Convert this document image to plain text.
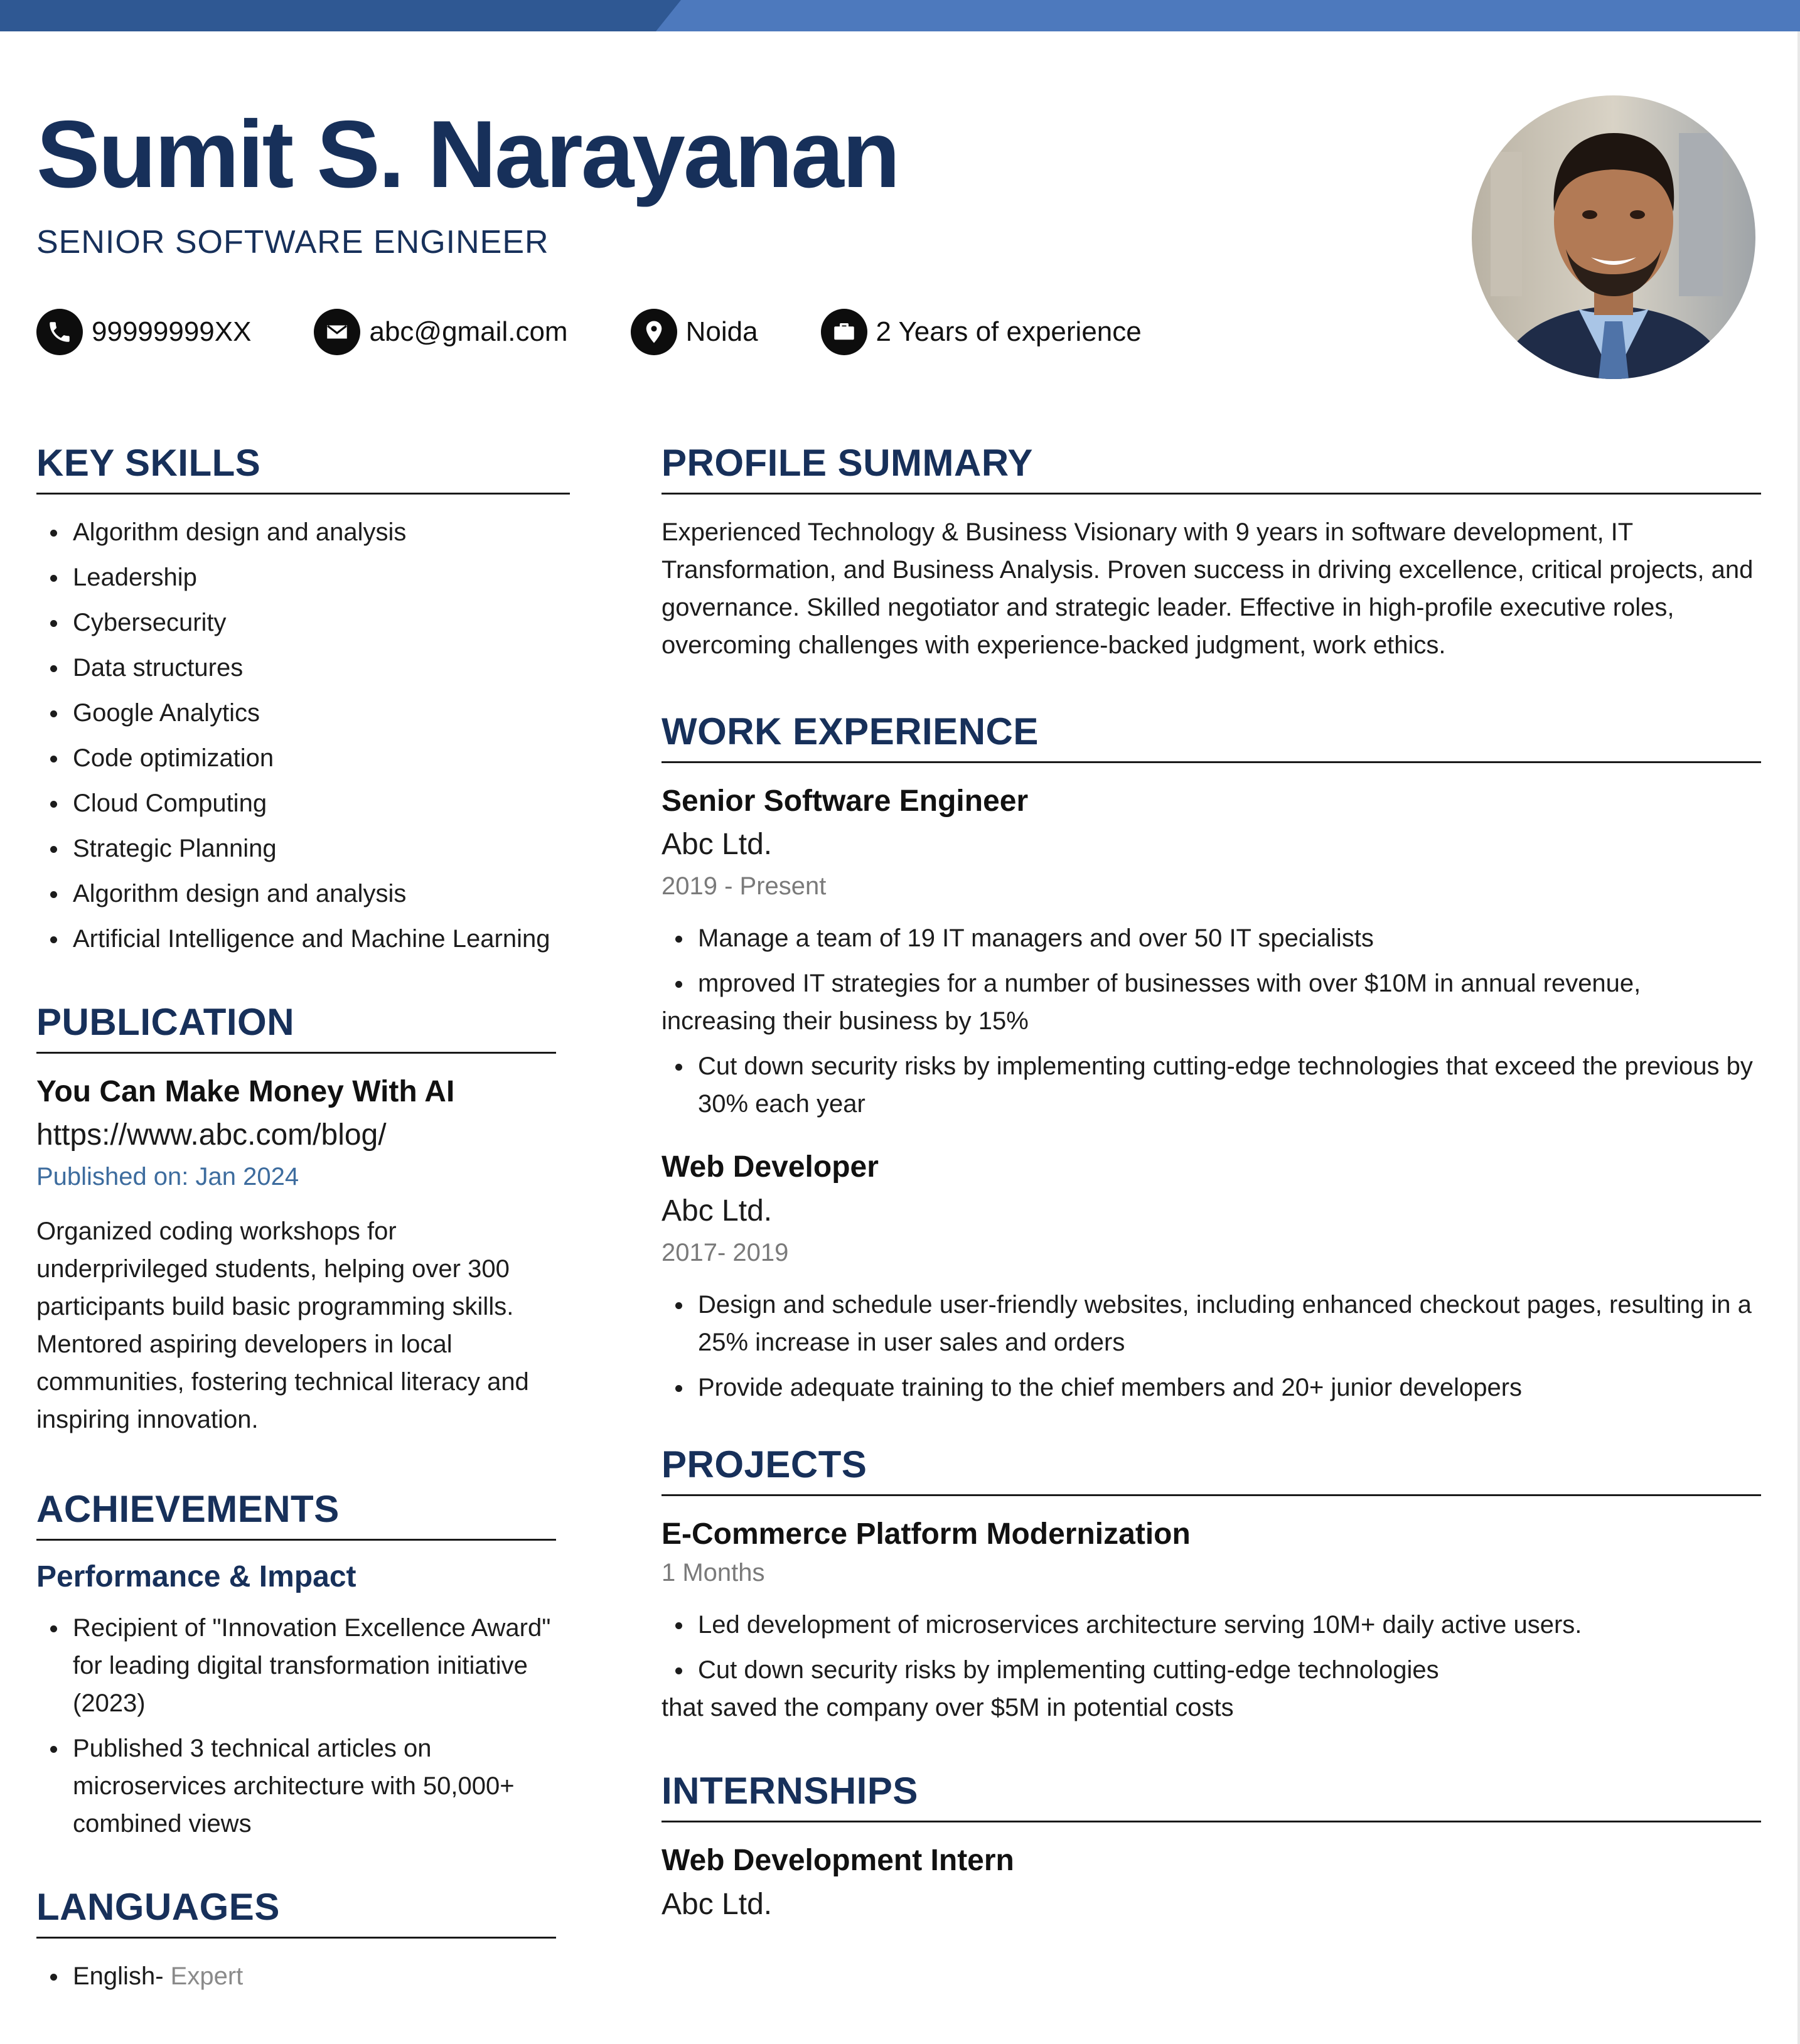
Sumit S. Narayanan
SENIOR SOFTWARE ENGINEER
99999999XX	abc@gmail.com	Noida	2 Years of experience
KEY SKILLS
Algorithm design and analysis
Leadership
Cybersecurity
Data structures
Google Analytics
Code optimization
Cloud Computing
Strategic Planning
Algorithm design and analysis
Artificial Intelligence and Machine Learning
PUBLICATION
You Can Make Money With AI
https://www.abc.com/blog/
Published on: Jan 2024

Organized coding workshops for underprivileged students, helping over 300 participants build basic programming skills. Mentored aspiring developers in local communities, fostering technical literacy and inspiring innovation.

ACHIEVEMENTS
Performance & Impact
Recipient of "Innovation Excellence Award" for leading digital transformation initiative (2023)
Published 3 technical articles on microservices architecture with 50,000+ combined views
LANGUAGES
English- Expert
PROFILE SUMMARY

Experienced Technology & Business Visionary with 9 years in software development, IT Transformation, and Business Analysis. Proven success in driving excellence, critical projects, and governance. Skilled negotiator and strategic leader. Effective in high-profile executive roles, overcoming challenges with experience-backed judgment, work ethics.

WORK EXPERIENCE
Senior Software Engineer
Abc Ltd.
2019 - Present
Manage a team of 19 IT managers and over 50 IT specialists
mproved IT strategies for a number of businesses with over $10M in annual revenue,
increasing their business by 15%
Cut down security risks by implementing cutting-edge technologies that exceed the previous by 30% each year
Web Developer
Abc Ltd.
2017- 2019
Design and schedule user-friendly websites, including enhanced checkout pages, resulting in a 25% increase in user sales and orders
Provide adequate training to the chief members and 20+ junior developers
PROJECTS
E-Commerce Platform Modernization
1 Months
Led development of microservices architecture serving 10M+ daily active users.
Cut down security risks by implementing cutting-edge technologies
that saved the company over $5M in potential costs
INTERNSHIPS
Web Development Intern
Abc Ltd.
